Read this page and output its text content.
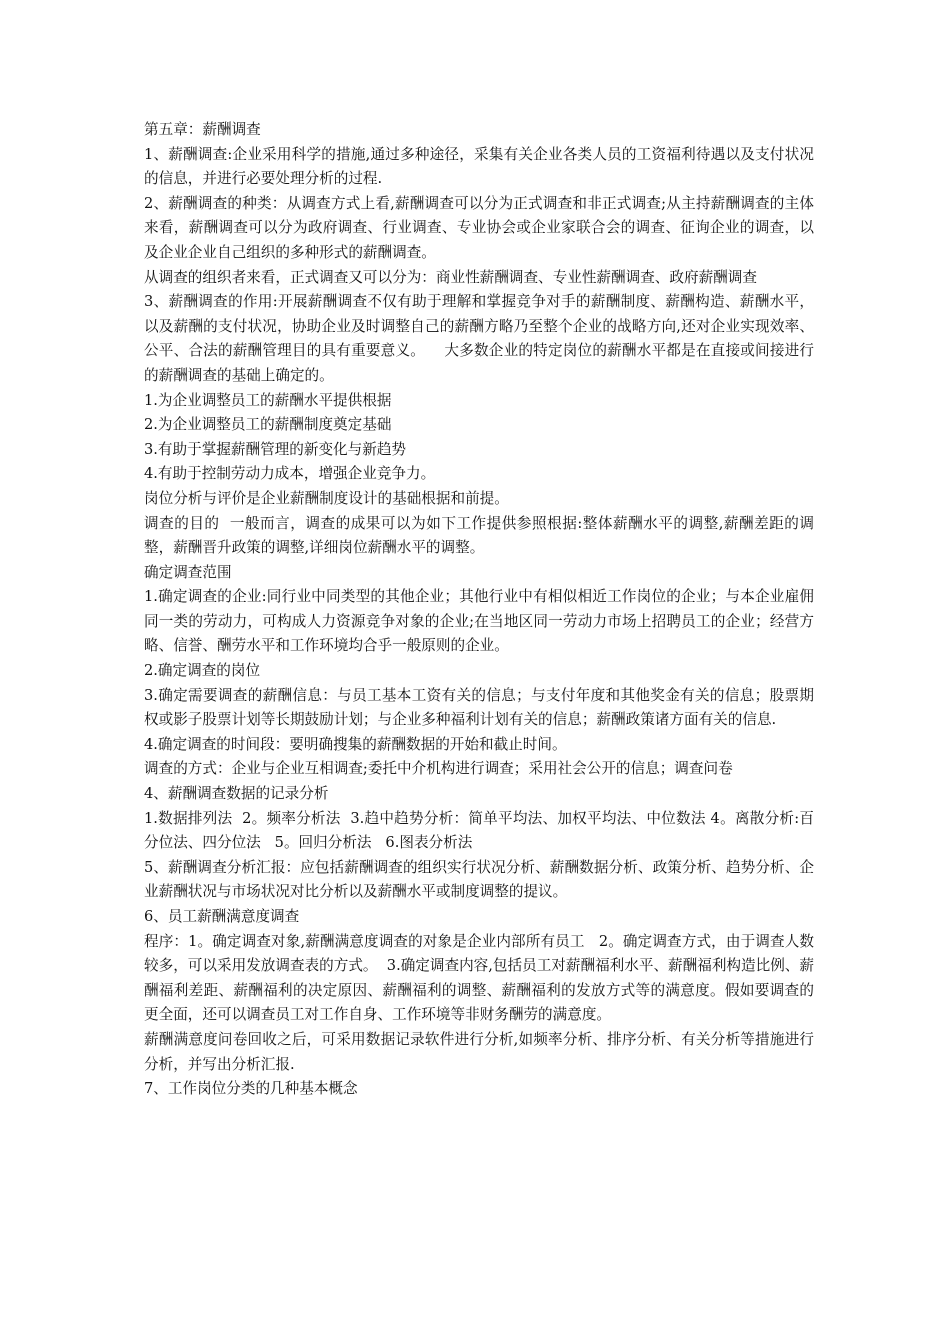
第五章：薪酬调查

1、薪酬调查:企业采用科学的措施,通过多种途径，采集有关企业各类人员的工资福利待遇以及支付状况的信息，并进行必要处理分析的过程.

2、薪酬调查的种类：从调查方式上看,薪酬调查可以分为正式调查和非正式调查;从主持薪酬调查的主体来看，薪酬调查可以分为政府调查、行业调查、专业协会或企业家联合会的调查、征询企业的调查，以及企业企业自己组织的多种形式的薪酬调查。

从调查的组织者来看，正式调查又可以分为：商业性薪酬调查、专业性薪酬调查、政府薪酬调查

3、薪酬调查的作用:开展薪酬调查不仅有助于理解和掌握竞争对手的薪酬制度、薪酬构造、薪酬水平，以及薪酬的支付状况，协助企业及时调整自己的薪酬方略乃至整个企业的战略方向,还对企业实现效率、公平、合法的薪酬管理目的具有重要意义。    大多数企业的特定岗位的薪酬水平都是在直接或间接进行的薪酬调查的基础上确定的。

1.为企业调整员工的薪酬水平提供根据

2.为企业调整员工的薪酬制度奠定基础

3.有助于掌握薪酬管理的新变化与新趋势

4.有助于控制劳动力成本，增强企业竞争力。

岗位分析与评价是企业薪酬制度设计的基础根据和前提。

调查的目的  一般而言，调查的成果可以为如下工作提供参照根据:整体薪酬水平的调整,薪酬差距的调整，薪酬晋升政策的调整,详细岗位薪酬水平的调整。

确定调查范围

1.确定调查的企业:同行业中同类型的其他企业；其他行业中有相似相近工作岗位的企业；与本企业雇佣同一类的劳动力，可构成人力资源竞争对象的企业;在当地区同一劳动力市场上招聘员工的企业；经营方略、信誉、酬劳水平和工作环境均合乎一般原则的企业。

2.确定调查的岗位

3.确定需要调查的薪酬信息：与员工基本工资有关的信息；与支付年度和其他奖金有关的信息；股票期权或影子股票计划等长期鼓励计划；与企业多种福利计划有关的信息；薪酬政策诸方面有关的信息.

4.确定调查的时间段：要明确搜集的薪酬数据的开始和截止时间。

调查的方式：企业与企业互相调查;委托中介机构进行调查；采用社会公开的信息；调查问卷

4、薪酬调查数据的记录分析

1.数据排列法  2。频率分析法  3.趋中趋势分析：简单平均法、加权平均法、中位数法 4。离散分析:百分位法、四分位法   5。回归分析法   6.图表分析法

5、薪酬调查分析汇报：应包括薪酬调查的组织实行状况分析、薪酬数据分析、政策分析、趋势分析、企业薪酬状况与市场状况对比分析以及薪酬水平或制度调整的提议。

6、员工薪酬满意度调查

程序：1。确定调查对象,薪酬满意度调查的对象是企业内部所有员工   2。确定调查方式，由于调查人数较多，可以采用发放调查表的方式。  3.确定调查内容,包括员工对薪酬福利水平、薪酬福利构造比例、薪酬福利差距、薪酬福利的决定原因、薪酬福利的调整、薪酬福利的发放方式等的满意度。假如要调查的更全面，还可以调查员工对工作自身、工作环境等非财务酬劳的满意度。

薪酬满意度问卷回收之后，可采用数据记录软件进行分析,如频率分析、排序分析、有关分析等措施进行分析，并写出分析汇报.

7、工作岗位分类的几种基本概念
